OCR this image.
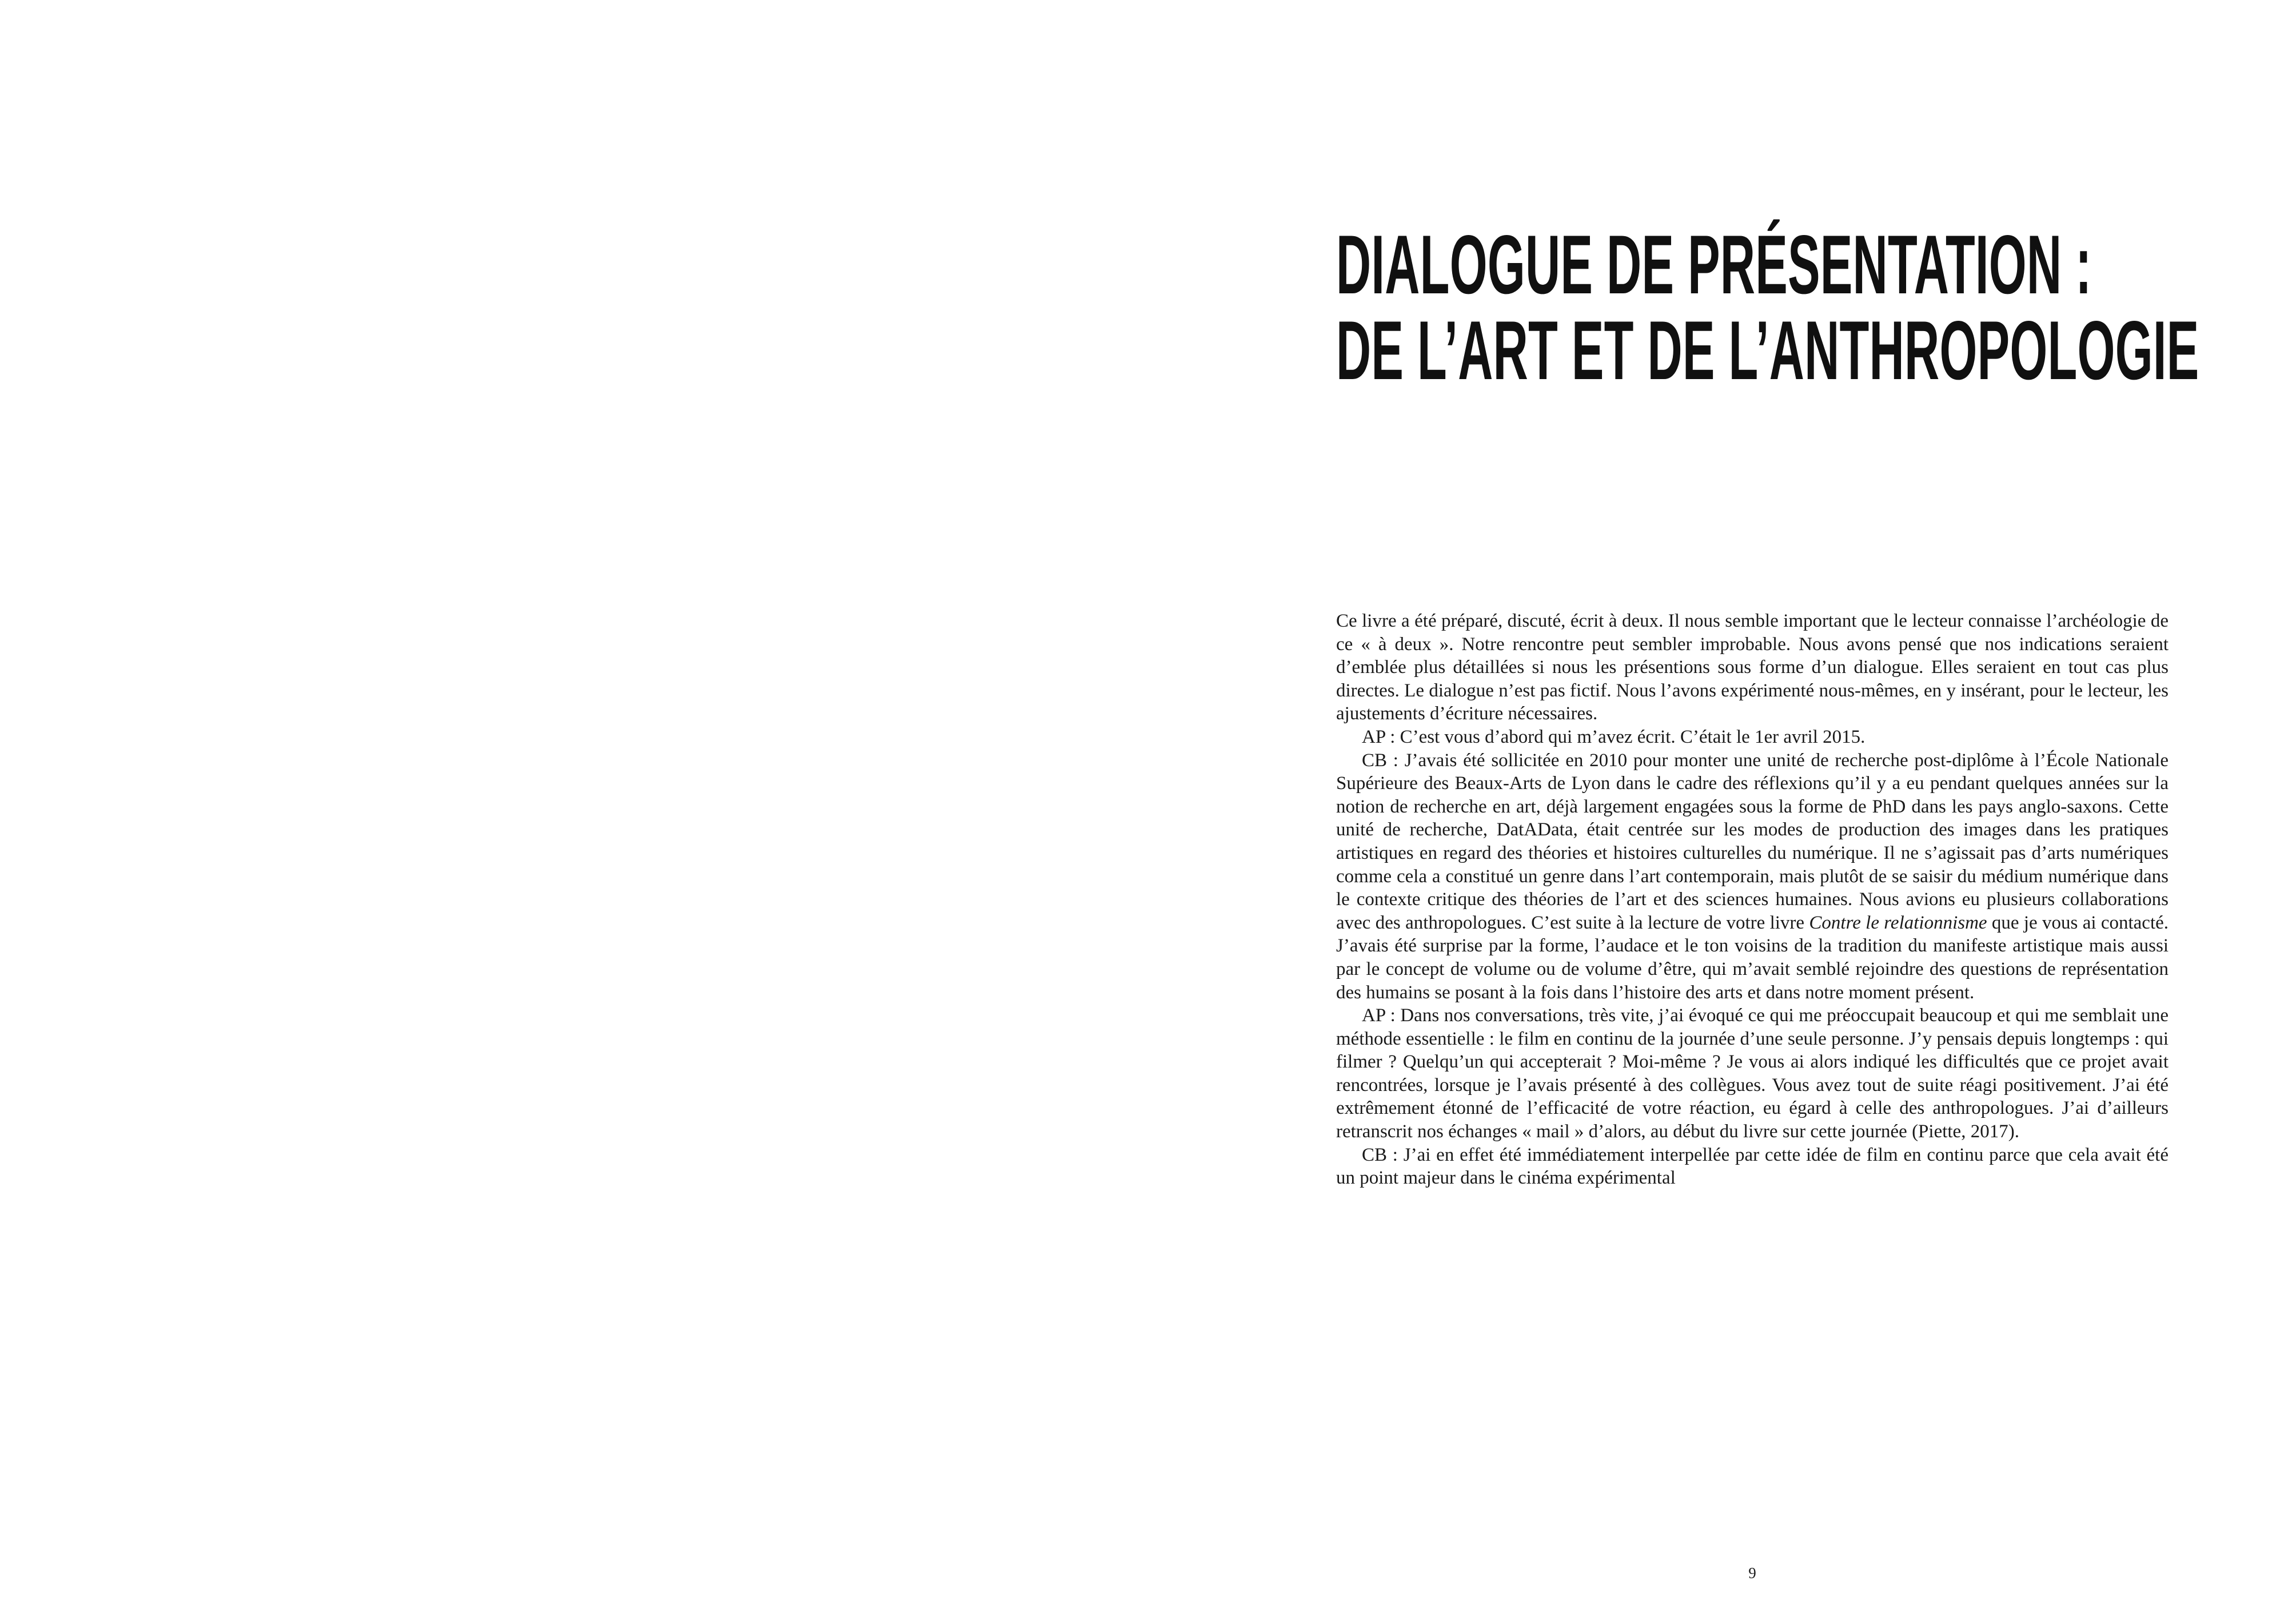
DIALOGUE DE PRÉSENTATION :
DE L’ART ET DE L’ANTHROPOLOGIE

Ce livre a été préparé, discuté, écrit à deux. Il nous semble important que le lecteur connaisse l’archéologie de ce « à deux ». Notre rencontre peut sembler improbable. Nous avons pensé que nos indications seraient d’emblée plus détaillées si nous les présentions sous forme d’un dialogue. Elles seraient en tout cas plus directes. Le dialogue n’est pas fictif. Nous l’avons expérimenté nous-mêmes, en y insérant, pour le lecteur, les ajustements d’écriture nécessaires.

AP : C’est vous d’abord qui m’avez écrit. C’était le 1er avril 2015.

CB : J’avais été sollicitée en 2010 pour monter une unité de recherche post-diplôme à l’École Nationale Supérieure des Beaux-Arts de Lyon dans le cadre des réflexions qu’il y a eu pendant quelques années sur la notion de recherche en art, déjà largement engagées sous la forme de PhD dans les pays anglo-saxons. Cette unité de recherche, DatAData, était centrée sur les modes de production des images dans les pratiques artistiques en regard des théories et histoires culturelles du numérique. Il ne s’agissait pas d’arts numériques comme cela a constitué un genre dans l’art contemporain, mais plutôt de se saisir du médium numérique dans le contexte critique des théories de l’art et des sciences humaines. Nous avions eu plusieurs collaborations avec des anthropologues. C’est suite à la lecture de votre livre Contre le relationnisme que je vous ai contacté. J’avais été surprise par la forme, l’audace et le ton voisins de la tradition du manifeste artistique mais aussi par le concept de volume ou de volume d’être, qui m’avait semblé rejoindre des questions de représentation des humains se posant à la fois dans l’histoire des arts et dans notre moment présent.

AP : Dans nos conversations, très vite, j’ai évoqué ce qui me préoccupait beaucoup et qui me semblait une méthode essentielle : le film en continu de la journée d’une seule personne. J’y pensais depuis longtemps : qui filmer ? Quelqu’un qui accepterait ? Moi-même ? Je vous ai alors indiqué les difficultés que ce projet avait rencontrées, lorsque je l’avais présenté à des collègues. Vous avez tout de suite réagi positivement. J’ai été extrêmement étonné de l’efficacité de votre réaction, eu égard à celle des anthropologues. J’ai d’ailleurs retranscrit nos échanges « mail » d’alors, au début du livre sur cette journée (Piette, 2017).

CB : J’ai en effet été immédiatement interpellée par cette idée de film en continu parce que cela avait été un point majeur dans le cinéma expérimental

9
